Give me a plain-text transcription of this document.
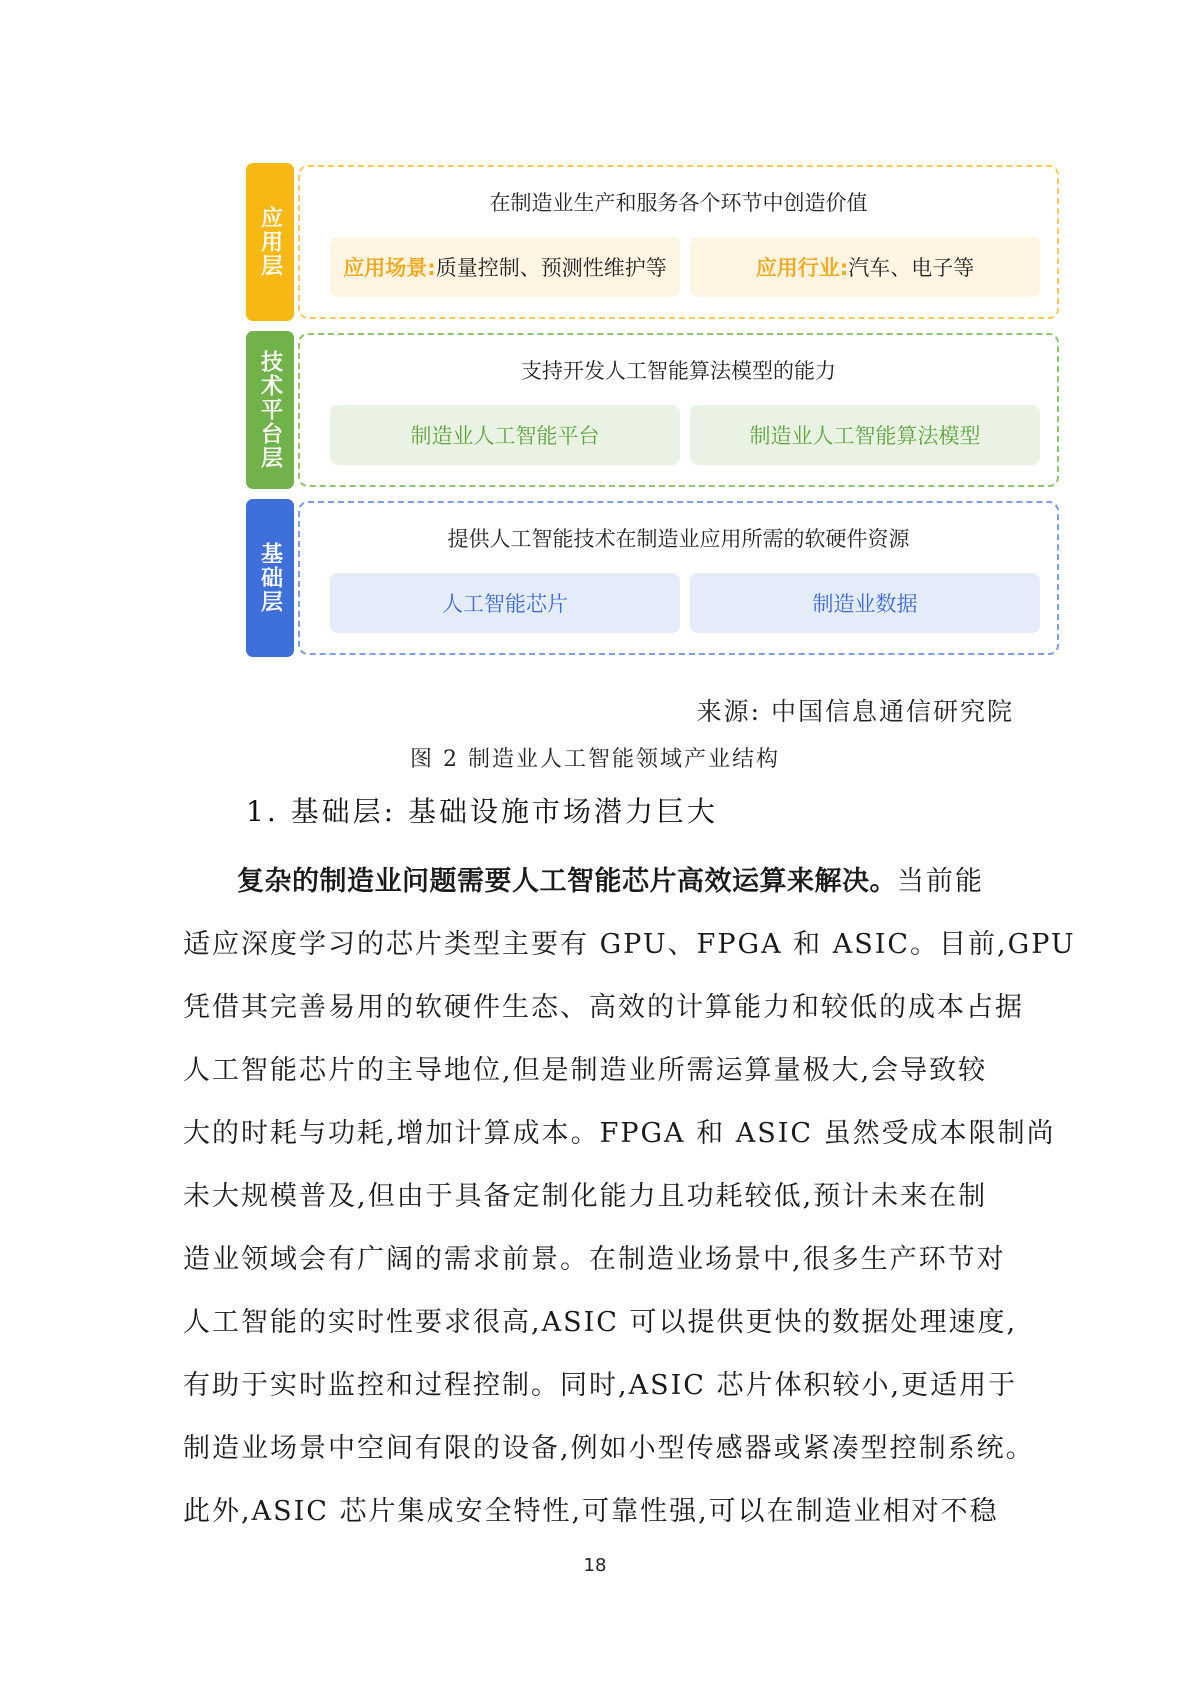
应用层
在制造业生产和服务各个环节中创造价值
应用场景: 质量控制、预测性维护等	应用行业: 汽车、电子等
技术平台层	支持开发人工智能算法模型的能力
制造业人工智能平台	制造业人工智能算法模型
基础层
提供人工智能技术在制造业应用所需的软硬件资源
人工智能芯片	制造业数据
来源: 中国信息通信研究院
图 2 制造业人工智能领域产业结构
1. 基础层: 基础设施市场潜力巨大
复杂的制造业问题需要人工智能芯片高效运算来解决。当前能
适应深度学习的芯片类型主要有 GPU、FPGA 和 ASIC。目前,GPU
凭借其完善易用的软硬件生态、高效的计算能力和较低的成本占据
人工智能芯片的主导地位,但是制造业所需运算量极大,会导致较
大的时耗与功耗,增加计算成本。FPGA 和 ASIC 虽然受成本限制尚
未大规模普及,但由于具备定制化能力且功耗较低,预计未来在制
造业领域会有广阔的需求前景。在制造业场景中,很多生产环节对
人工智能的实时性要求很高,ASIC 可以提供更快的数据处理速度,
有助于实时监控和过程控制。同时,ASIC 芯片体积较小,更适用于
制造业场景中空间有限的设备,例如小型传感器或紧凑型控制系统。
此外,ASIC 芯片集成安全特性,可靠性强,可以在制造业相对不稳
18
